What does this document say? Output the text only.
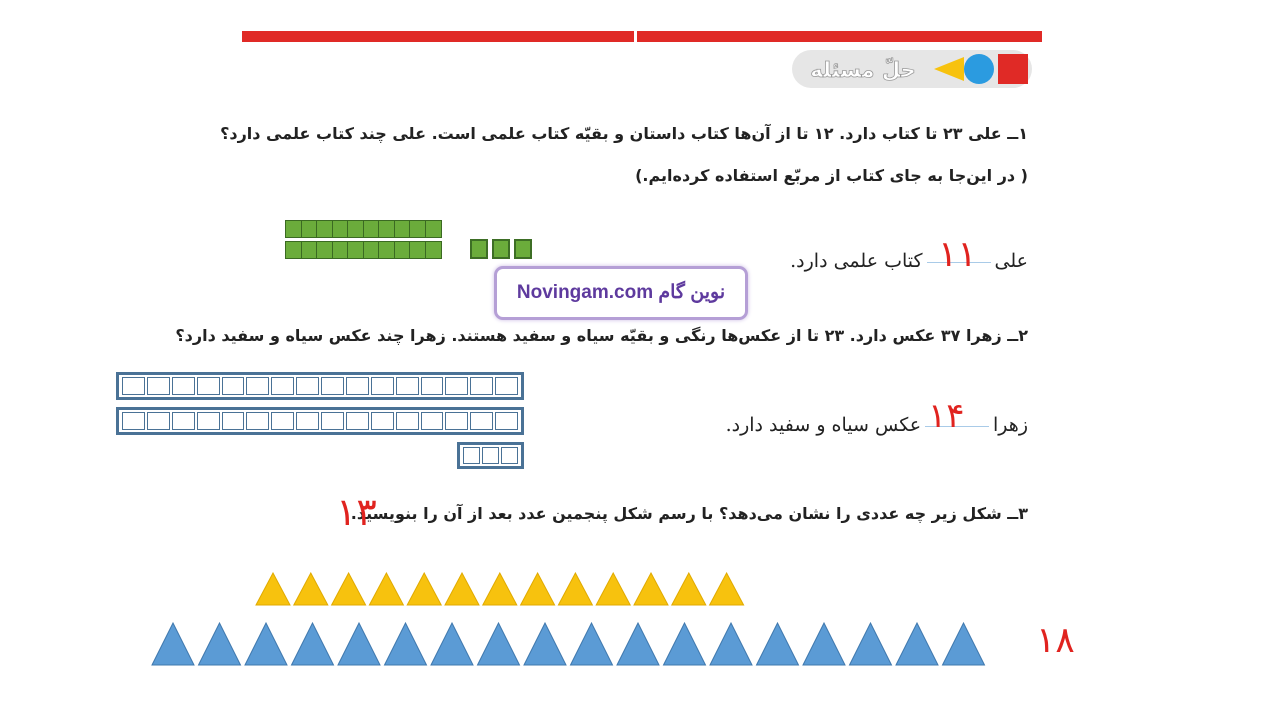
حلّ مسئله
۱ــ علی ۲۳ تا کتاب دارد. ۱۲ تا از آن‌ها کتاب داستان و بقیّه کتاب علمی است. علی چند کتاب علمی دارد؟
( در این‌جا به جای کتاب از مربّع استفاده کرده‌ایم.)
علیکتاب علمی دارد. ۱۱
Novingam.com نوین گام
۲ــ زهرا ۳۷ عکس دارد. ۲۳ تا از عکس‌ها رنگی و بقیّه سیاه و سفید هستند. زهرا چند عکس سیاه و سفید دارد؟
زهراعکس سیاه و سفید دارد. ۱۴
۳ــ شکل زیر چه عددی را نشان می‌دهد؟ با رسم شکل پنجمین عدد بعد از آن را بنویسید.
۱۳
۱۸
